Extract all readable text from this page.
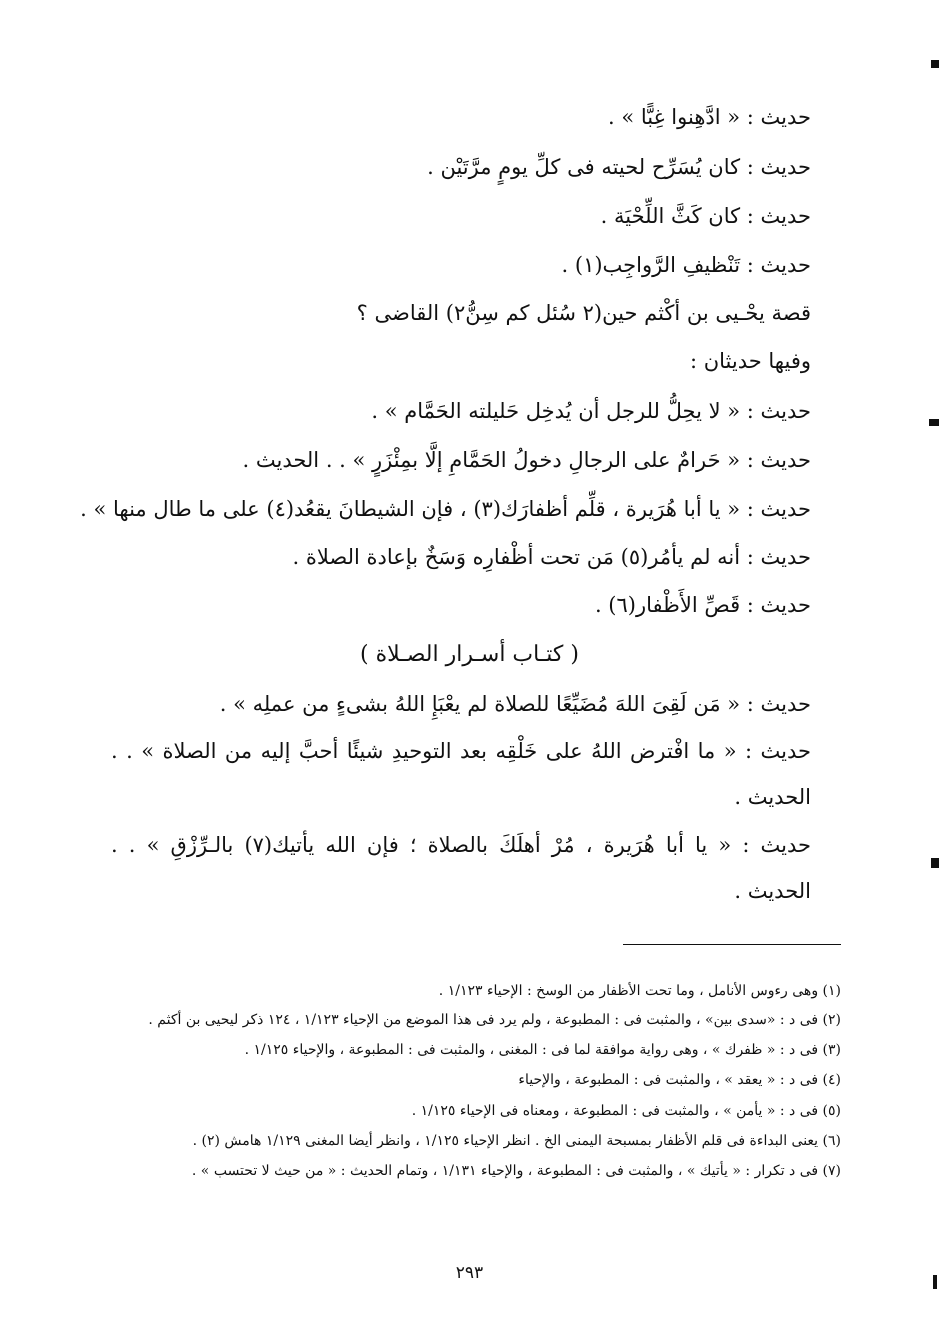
حديث : « ادَّهِنوا غِبًّا » .
حديث : كان يُسَرِّح لحيته فى كلِّ يومٍ مرَّتَيْن .
حديث : كان كَثَّ اللِّحْيَة .
حديث : تَنْظيفِ الرَّواجِب(١) .
قصة يحْـيى بن أكْثم حين(٢ سُئل كم سِنُّ٢) القاضى ؟
وفيها حديثان :
حديث : « لا يحِلُّ للرجل أن يُدخِل حَليلته الحَمَّام » .
حديث : « حَرامٌ على الرجالِ دخولُ الحَمَّامِ إلَّا بمِئْزَرٍ » . . الحديث .
حديث : « يا أبا هُرَيرة ، قلِّم أظفارَك(٣) ، فإن الشيطانَ يقعُد(٤) على ما طال منها » .
حديث : أنه لم يأمُر(٥) مَن تحت أظْفارِه وَسَخٌ بإعادة الصلاة .
حديث : قَصِّ الأَظْفار(٦) .
( كتـاب أسـرار الصـلاة )
حديث : « مَن لَقِىَ اللهَ مُضَيِّعًا للصلاة لم يعْبَإِ اللهُ بشىءٍ من عملِه » .
حديث : « ما افْترض اللهُ على خَلْقِه بعد التوحيدِ شيئًا أحبَّ إليه من الصلاة » . .
الحديث .
حديث : « يا أبا هُرَيرة ، مُرْ أهلَكَ بالصلاة ؛ فإن الله يأتيك(٧) بالـرِّزْقِ » . .
الحديث .
(١) وهى رءوس الأنامل ، وما تحت الأظفار من الوسخ : الإحياء ١/١٢٣ .
(٢) فى د : «سدى بين» ، والمثبت فى : المطبوعة ، ولم يرد فى هذا الموضع من الإحياء ١/١٢٣ ، ١٢٤ ذكر ليحيى بن أكثم .
(٣) فى د : « ظفرك » ، وهى رواية موافقة لما فى : المغنى ، والمثبت فى : المطبوعة ، والإحياء ١/١٢٥ .
(٤) فى د : « يعقد » ، والمثبت فى : المطبوعة ، والإحياء
(٥) فى د : « يأمن » ، والمثبت فى : المطبوعة ، ومعناه فى الإحياء ١/١٢٥ .
(٦) يعنى البداءة فى قلم الأظفار بمسبحة اليمنى الخ . انظر الإحياء ١/١٢٥ ، وانظر أيضا المغنى ١/١٢٩ هامش (٢) .
(٧) فى د تكرار : « يأتيك » ، والمثبت فى : المطبوعة ، والإحياء ١/١٣١ ، وتمام الحديث : « من حيث لا تحتسب » .
٢٩٣
